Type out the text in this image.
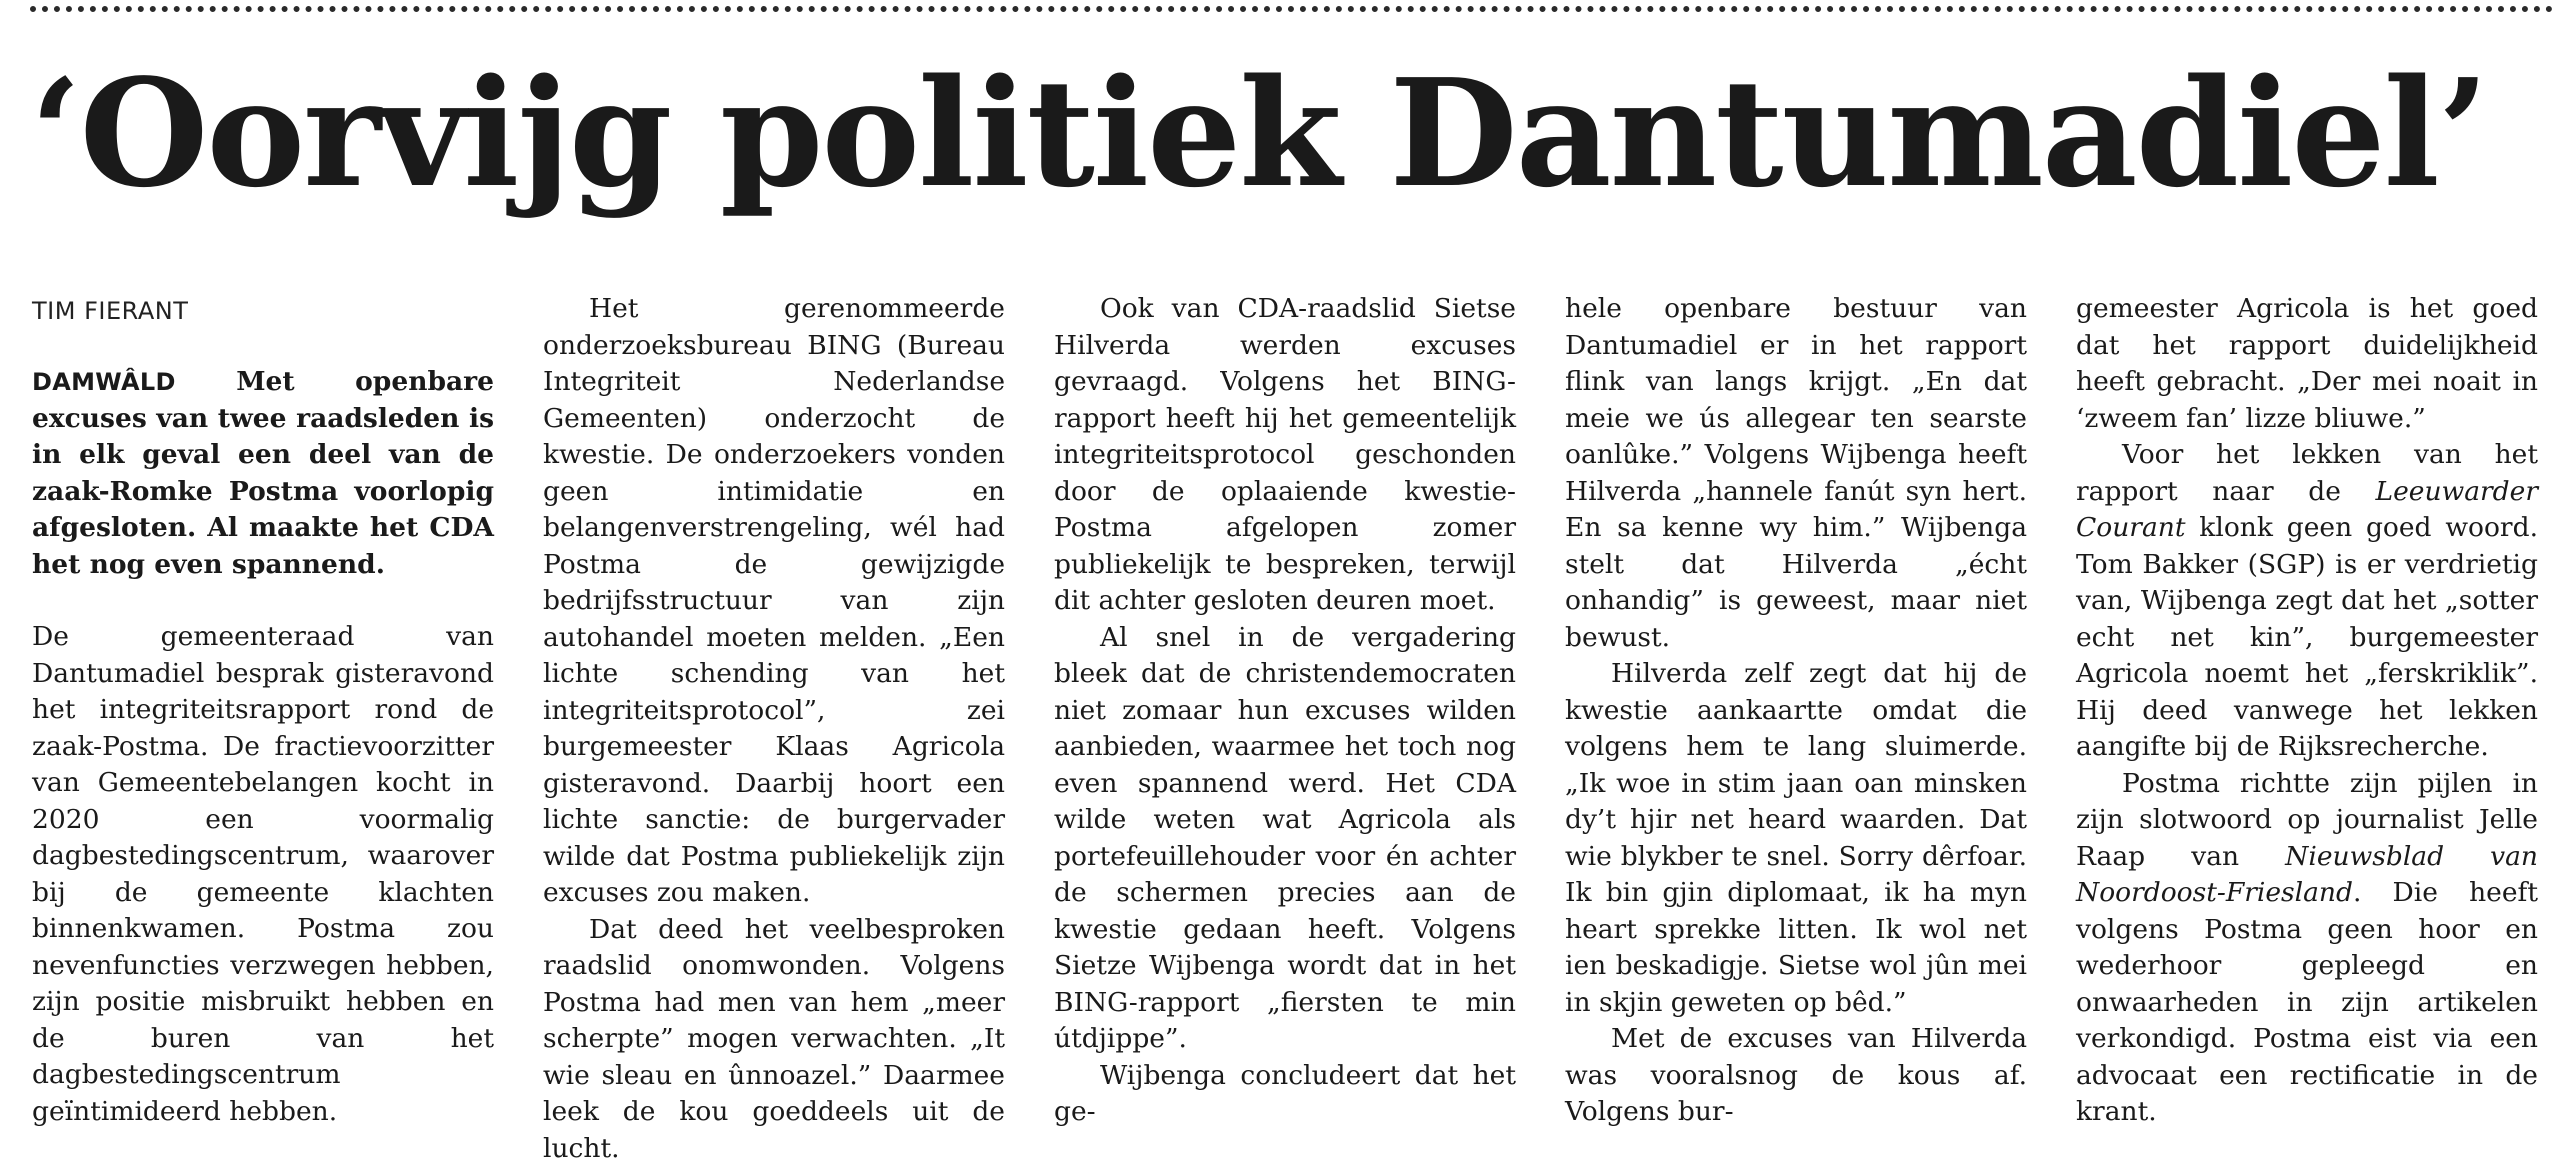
‘Oorvijg politiek Dantumadiel’
TIM FIERANT

DAMWÂLD Met openbare excuses van twee raadsleden is in elk geval een deel van de zaak-Romke Postma voorlopig afgesloten. Al maakte het CDA het nog even spannend.

De gemeenteraad van Dantumadiel besprak gisteravond het integriteitsrapport rond de zaak-Postma. De fractievoorzitter van Gemeentebelangen kocht in 2020 een voormalig dagbestedingscentrum, waarover bij de gemeente klachten binnenkwamen. Postma zou nevenfuncties verzwegen hebben, zijn positie misbruikt hebben en de buren van het dagbestedingscentrum geïntimideerd hebben.

Het gerenommeerde onderzoeksbureau BING (Bureau Integriteit Nederlandse Gemeenten) onderzocht de kwestie. De onderzoekers vonden geen intimidatie en belangenverstrengeling, wél had Postma de gewijzigde bedrijfsstructuur van zijn autohandel moeten melden. „Een lichte schending van het integriteitsprotocol”, zei burgemeester Klaas Agricola gisteravond. Daarbij hoort een lichte sanctie: de burgervader wilde dat Postma publiekelijk zijn excuses zou maken.

Dat deed het veelbesproken raadslid onomwonden. Volgens Postma had men van hem „meer scherpte” mogen verwachten. „It wie sleau en ûnnoazel.” Daarmee leek de kou goeddeels uit de lucht.

Ook van CDA-raadslid Sietse Hilverda werden excuses gevraagd. Volgens het BING-rapport heeft hij het gemeentelijk integriteitsprotocol geschonden door de oplaaiende kwestie-Postma afgelopen zomer publiekelijk te bespreken, terwijl dit achter gesloten deuren moet.

Al snel in de vergadering bleek dat de christendemocraten niet zomaar hun excuses wilden aanbieden, waarmee het toch nog even spannend werd. Het CDA wilde weten wat Agricola als portefeuillehouder voor én achter de schermen precies aan de kwestie gedaan heeft. Volgens Sietze Wijbenga wordt dat in het BING-rapport „fiersten te min útdjippe”.

Wijbenga concludeert dat het ge-

hele openbare bestuur van Dantumadiel er in het rapport flink van langs krijgt. „En dat meie we ús allegear ten searste oanlûke.” Volgens Wijbenga heeft Hilverda „hannele fanút syn hert. En sa kenne wy him.” Wijbenga stelt dat Hilverda „écht onhandig” is geweest, maar niet bewust.

Hilverda zelf zegt dat hij de kwestie aankaartte omdat die volgens hem te lang sluimerde. „Ik woe in stim jaan oan minsken dy’t hjir net heard waarden. Dat wie blykber te snel. Sorry dêrfoar. Ik bin gjin diplomaat, ik ha myn heart sprekke litten. Ik wol net ien beskadigje. Sietse wol jûn mei in skjin geweten op bêd.”

Met de excuses van Hilverda was vooralsnog de kous af. Volgens bur-

gemeester Agricola is het goed dat het rapport duidelijkheid heeft gebracht. „Der mei noait in ‘zweem fan’ lizze bliuwe.”

Voor het lekken van het rapport naar de Leeuwarder Courant klonk geen goed woord. Tom Bakker (SGP) is er verdrietig van, Wijbenga zegt dat het „sotter echt net kin”, burgemeester Agricola noemt het „ferskriklik”. Hij deed vanwege het lekken aangifte bij de Rijksrecherche.

Postma richtte zijn pijlen in zijn slotwoord op journalist Jelle Raap van Nieuwsblad van Noordoost-Friesland. Die heeft volgens Postma geen hoor en wederhoor gepleegd en onwaarheden in zijn artikelen verkondigd. Postma eist via een advocaat een rectificatie in de krant.
